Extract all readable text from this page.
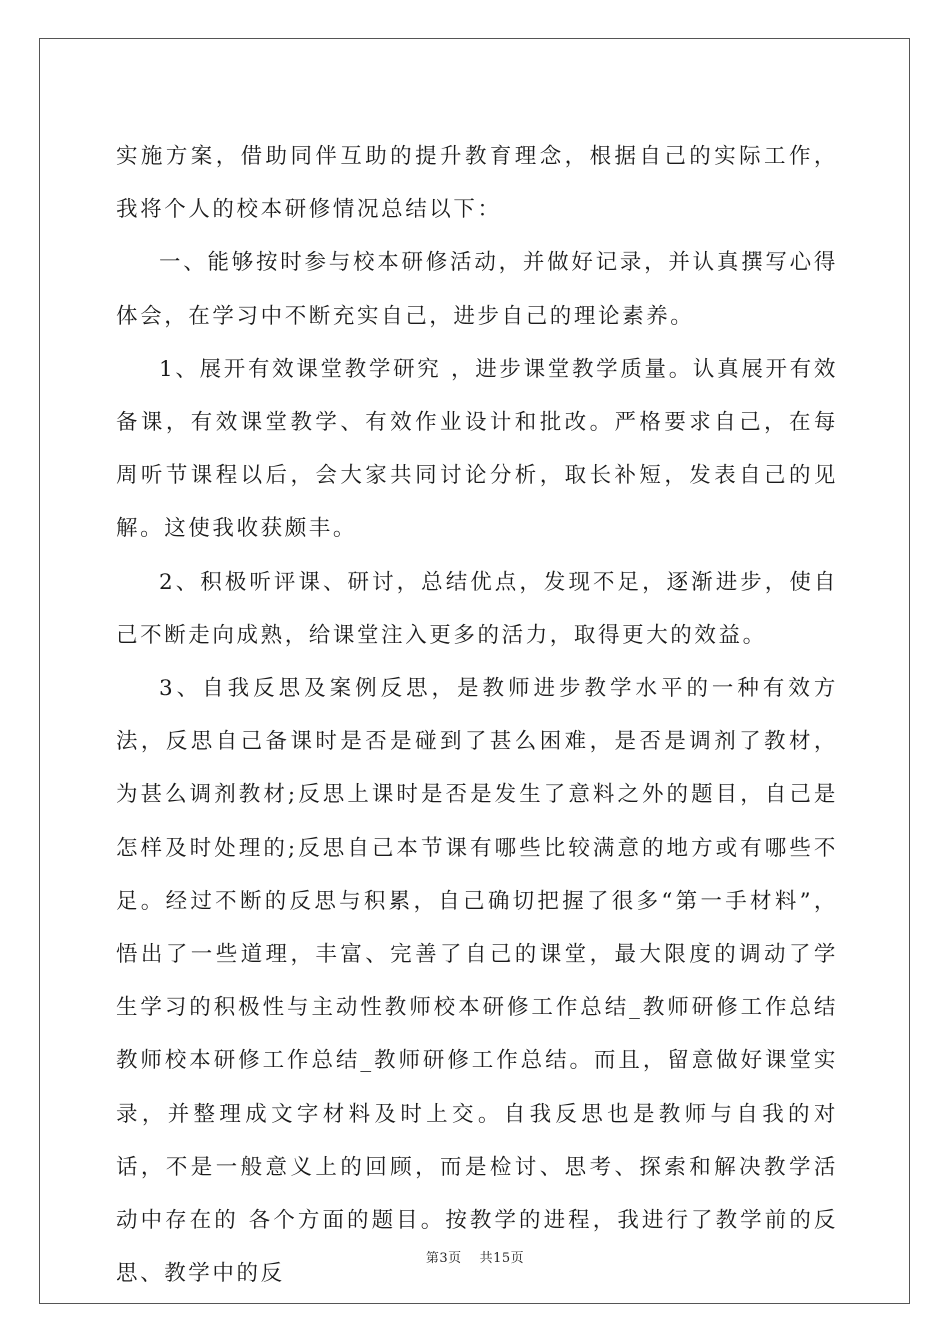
实施方案，借助同伴互助的提升教育理念，根据自己的实际工作，我将个人的校本研修情况总结以下：

一、能够按时参与校本研修活动，并做好记录，并认真撰写心得体会，在学习中不断充实自己，进步自己的理论素养。

1、展开有效课堂教学研究 ，进步课堂教学质量。认真展开有效备课，有效课堂教学、有效作业设计和批改。严格要求自己，在每周听节课程以后，会大家共同讨论分析，取长补短，发表自己的见解。这使我收获颇丰。

2、积极听评课、研讨，总结优点，发现不足，逐渐进步，使自己不断走向成熟，给课堂注入更多的活力，取得更大的效益。

3、自我反思及案例反思，是教师进步教学水平的一种有效方法，反思自己备课时是否是碰到了甚么困难，是否是调剂了教材，为甚么调剂教材;反思上课时是否是发生了意料之外的题目，自己是怎样及时处理的;反思自己本节课有哪些比较满意的地方或有哪些不足。经过不断的反思与积累，自己确切把握了很多“第一手材料”，悟出了一些道理，丰富、完善了自己的课堂，最大限度的调动了学生学习的积极性与主动性教师校本研修工作总结_教师研修工作总结教师校本研修工作总结_教师研修工作总结。而且，留意做好课堂实录，并整理成文字材料及时上交。自我反思也是教师与自我的对话，不是一般意义上的回顾，而是检讨、思考、探索和解决教学活动中存在的 各个方面的题目。按教学的进程，我进行了教学前的反思、教学中的反

第3页 共15页
